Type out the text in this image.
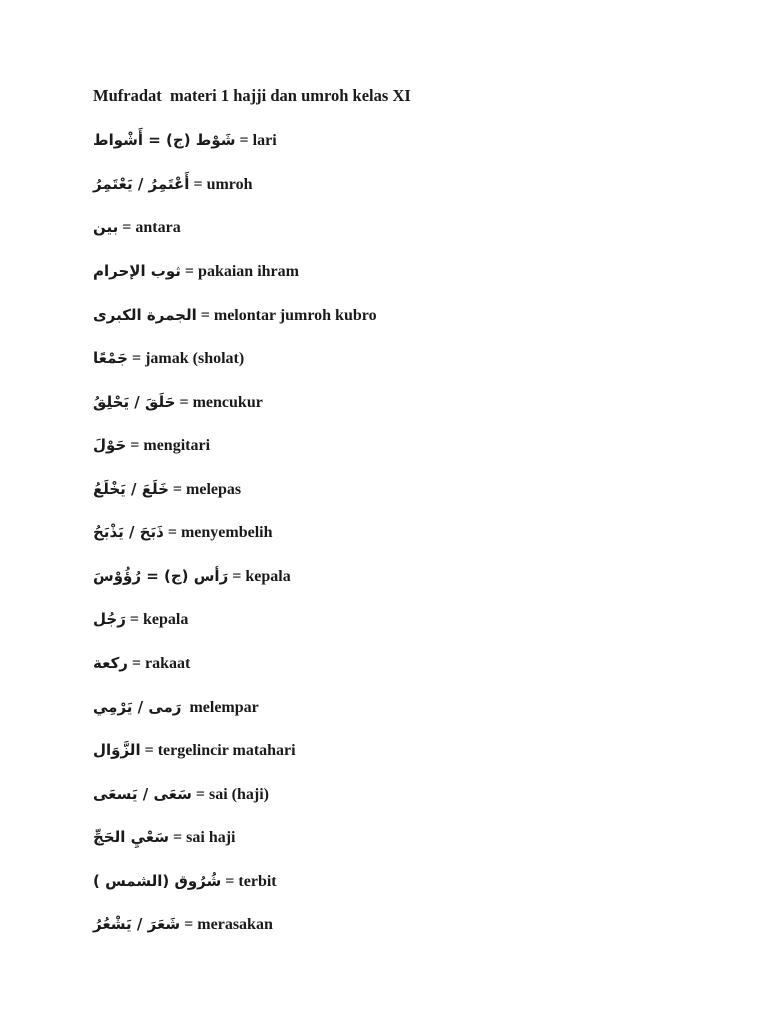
Mufradat  materi 1 hajji dan umroh kelas XI
شَوْط (ج) = أَشْواط = lari
أَعْتَمِرُ / يَعْتَمِرُ = umroh
بين = antara
ثوب الإحرام = pakaian ihram
الجمرة الكبرى = melontar jumroh kubro
جَمْعًا = jamak (sholat)
حَلَقَ / يَحْلِقُ = mencukur
حَوْلَ = mengitari
خَلَعَ / يَخْلَعُ = melepas
ذَبَحَ / يَذْبَحُ = menyembelih
رَأس (ج) = رُؤُوْسَ = kepala
رَجُل = kepala
ركعة = rakaat
رَمى / يَرْمِي melempar
الزَّوَال = tergelincir matahari
سَعَى / يَسعَى = sai (haji)
سَعْيِ الحَجِّ = sai haji
شُرُوق (الشمس ) = terbit
شَعَرَ / يَشْعُرُ = merasakan
